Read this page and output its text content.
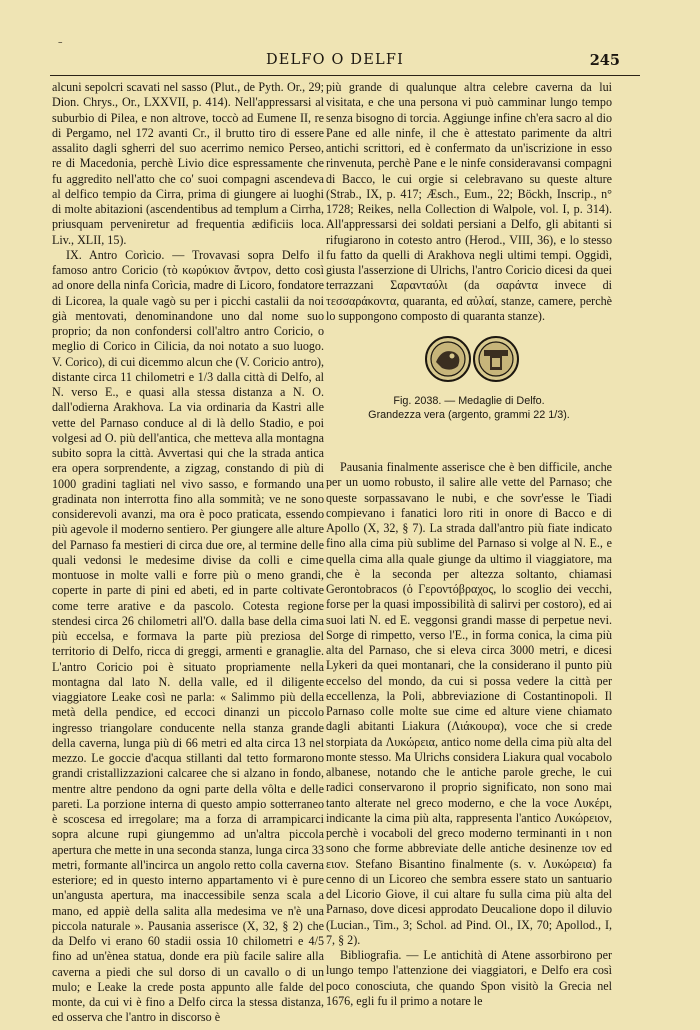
–
DELFO O DELFI	245

alcuni sepolcri scavati nel sasso (Plut., de Pyth. Or., 29; Dion. Chrys., Or., LXXVII, p. 414). Nell'appressarsi al suburbio di Pilea, e non altrove, toccò ad Eumene II, re di Pergamo, nel 172 avanti Cr., il brutto tiro di essere assalito dagli sgherri del suo acerrimo nemico Perseo, re di Macedonia, perchè Livio dice espressamente che fu aggredito nell'atto che co' suoi compagni ascendeva al delfico tempio da Cirra, prima di giungere ai luoghi di molte abitazioni (ascendentibus ad templum a Cirrha, priusquam perveniretur ad frequentia ædificiis loca. Liv., XLII, 15).

IX. Antro Corìcio. — Trovavasi sopra Delfo il famoso antro Coricio (τὸ κωρύκιον ἄντρον, detto così ad onore della ninfa Corìcia, madre di Licoro, fondatore di Licorea, la quale vagò su per i picchi castalii da noi già mentovati, denominandone uno dal nome suo proprio; da non confondersi coll'altro antro Coricio, o meglio di Corico in Cilicia, da noi notato a suo luogo. V. Corico), di cui dicemmo alcun che (V. Coricio antro), distante circa 11 chilometri e 1/3 dalla città di Delfo, al N. verso E., e quasi alla stessa distanza a N. O. dall'odierna Arakhova. La via ordinaria da Kastri alle vette del Parnaso conduce al di là dello Stadio, e poi volgesi ad O. più dell'antica, che metteva alla montagna subito sopra la città. Avvertasi qui che la strada antica era opera sorprendente, a zigzag, constando di più di 1000 gradini tagliati nel vivo sasso, e formando una gradinata non interrotta fino alla sommità; ve ne sono considerevoli avanzi, ma ora è poco praticata, essendo più agevole il moderno sentiero. Per giungere alle alture del Parnaso fa mestieri di circa due ore, al termine delle quali vedonsi le medesime divise da colli e cime montuose in molte valli e forre più o meno grandi, coperte in parte di pini ed abeti, ed in parte coltivate come terre arative e da pascolo. Cotesta regione stendesi circa 26 chilometri all'O. dalla base della cima più eccelsa, e formava la parte più preziosa del territorio di Delfo, ricca di greggi, armenti e granaglie. L'antro Coricio poi è situato propriamente nella montagna dal lato N. della valle, ed il diligente viaggiatore Leake così ne parla: « Salimmo più della metà della pendice, ed eccoci dinanzi un piccolo ingresso triangolare conducente nella stanza grande della caverna, lunga più di 66 metri ed alta circa 13 nel mezzo. Le goccie d'acqua stillanti dal tetto formarono grandi cristallizzazioni calcaree che si alzano in fondo, mentre altre pendono da ogni parte della vôlta e delle pareti. La porzione interna di questo ampio sotterraneo è scoscesa ed irregolare; ma a forza di arrampicarci sopra alcune rupi giungemmo ad un'altra piccola apertura che mette in una seconda stanza, lunga circa 33 metri, formante all'incirca un angolo retto colla caverna esteriore; ed in questo interno appartamento vi è pure un'angusta apertura, ma inaccessibile senza scala a mano, ed appiè della salita alla medesima ve n'è una piccola naturale ». Pausania asserisce (X, 32, § 2) che da Delfo vi erano 60 stadii ossia 10 chilometri e 4/5 fino ad un'ènea statua, donde era più facile salire alla caverna a piedi che sul dorso di un cavallo o di un mulo; e Leake la crede posta appunto alle falde del monte, da cui vi è fino a Delfo circa la stessa distanza, ed osserva che l'antro in discorso è

più grande di qualunque altra celebre caverna da lui visitata, e che una persona vi può camminar lungo tempo senza bisogno di torcia. Aggiunge infine ch'era sacro al dio Pane ed alle ninfe, il che è attestato parimente da altri antichi scrittori, ed è confermato da un'iscrizione in esso rinvenuta, perchè Pane e le ninfe consideravansi compagni di Bacco, le cui orgie si celebravano su queste alture (Strab., IX, p. 417; Æsch., Eum., 22; Böckh, Inscrip., n° 1728; Reikes, nella Collection di Walpole, vol. I, p. 314). All'appressarsi dei soldati persiani a Delfo, gli abitanti si rifugiarono in cotesto antro (Herod., VIII, 36), e lo stesso fu fatto da quelli di Arakhova negli ultimi tempi. Oggidì, giusta l'asserzione di Ulrichs, l'antro Coricio dicesi da quei terrazzani Σαρανταύλι (da σαράντα invece di τεσσαράκοντα, quaranta, ed αὐλαί, stanze, camere, perchè lo suppongono composto di quaranta stanze).

Fig. 2038. — Medaglie di Delfo.
Grandezza vera (argento, grammi 22 1/3).

Pausania finalmente asserisce che è ben difficile, anche per un uomo robusto, il salire alle vette del Parnaso; che queste sorpassavano le nubi, e che sovr'esse le Tiadi compievano i fanatici loro riti in onore di Bacco e di Apollo (X, 32, § 7). La strada dall'antro più fiate indicato fino alla cima più sublime del Parnaso si volge al N. E., e quella cima alla quale giunge da ultimo il viaggiatore, ma che è la seconda per altezza soltanto, chiamasi Gerontobracos (ὁ Γεροντόβραχος, lo scoglio dei vecchi, forse per la quasi impossibilità di salirvi per costoro), ed ai suoi lati N. ed E. veggonsi grandi masse di perpetue nevi. Sorge di rimpetto, verso l'E., in forma conica, la cima più alta del Parnaso, che si eleva circa 3000 metri, e dicesi Lykeri da quei montanari, che la considerano il punto più eccelso del mondo, da cui si possa vedere la città per eccellenza, la Poli, abbreviazione di Costantinopoli. Il Parnaso colle molte sue cime ed alture viene chiamato dagli abitanti Liakura (Λιάκουρα), voce che si crede storpiata da Λυκώρεια, antico nome della cima più alta del monte stesso. Ma Ulrichs considera Liakura qual vocabolo albanese, notando che le antiche parole greche, le cui radici conservarono il proprio significato, non sono mai tanto alterate nel greco moderno, e che la voce Λυκέρι, indicante la cima più alta, rappresenta l'antico Λυκώρειον, perchè i vocaboli del greco moderno terminanti in ι non sono che forme abbreviate delle antiche desinenze ιον ed ειον. Stefano Bisantino finalmente (s. v. Λυκώρεια) fa cenno di un Licoreo che sembra essere stato un santuario del Licorio Giove, il cui altare fu sulla cima più alta del Parnaso, dove dicesi approdato Deucalione dopo il diluvio (Lucian., Tim., 3; Schol. ad Pind. Ol., IX, 70; Apollod., I, 7, § 2).

Bibliografia. — Le antichità di Atene assorbirono per lungo tempo l'attenzione dei viaggiatori, e Delfo era così poco conosciuta, che quando Spon visitò la Grecia nel 1676, egli fu il primo a notare le
